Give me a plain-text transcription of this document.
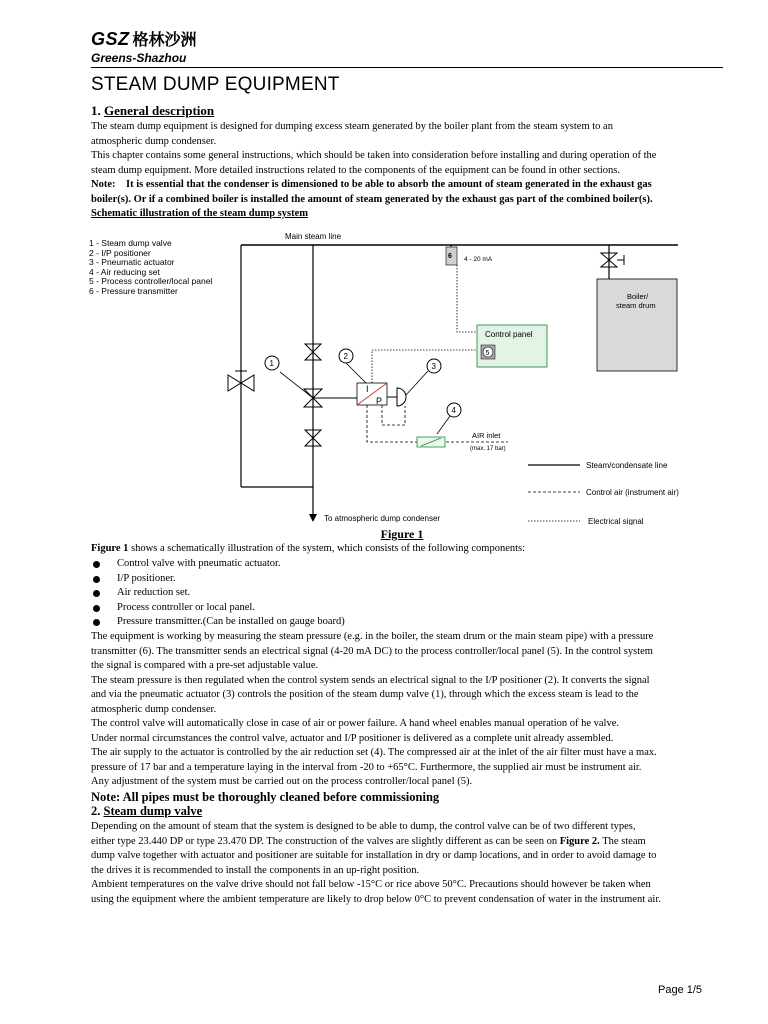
GSZ 格林沙洲
Greens-Shazhou
STEAM DUMP EQUIPMENT
1. General description
The steam dump equipment is designed for dumping excess steam generated by the boiler plant from the steam system to an
atmospheric dump condenser.
This chapter contains some general instructions, which should be taken into consideration before installing and during operation of the
steam dump equipment. More detailed instructions related to the components of the equipment can be found in other sections.
Note: It is essential that the condenser is dimensioned to be able to absorb the amount of steam generated in the exhaust gas
boiler(s). Or if a combined boiler is installed the amount of steam generated by the exhaust gas part of the combined boiler(s).
Schematic illustration of the steam dump system
1 - Steam dump valve
2 - I/P positioner
3 - Pneumatic actuator
4 - Air reducing set
5 - Process controller/local panel
6 - Pressure transmitter
Main steam line
1
2
3
4
I
P
AIR inlet
(max. 17 bar)
6 4 - 20 mA
Control panel
5
Boiler/
steam drum
To atmospheric dump condenser
Steam/condensate line
Control air (instrument air)
Electrical signal
Figure 1
Figure 1 shows a schematically illustration of the system, which consists of the following components:
Control valve with pneumatic actuator.
I/P positioner.
Air reduction set.
Process controller or local panel.
Pressure transmitter.(Can be installed on gauge board)
The equipment is working by measuring the steam pressure (e.g. in the boiler, the steam drum or the main steam pipe) with a pressure
transmitter (6). The transmitter sends an electrical signal (4-20 mA DC) to the process controller/local panel (5). In the control system
the signal is compared with a pre-set adjustable value.
The steam pressure is then regulated when the control system sends an electrical signal to the I/P positioner (2). It converts the signal
and via the pneumatic actuator (3) controls the position of the steam dump valve (1), through which the excess steam is lead to the
atmospheric dump condenser.
The control valve will automatically close in case of air or power failure. A hand wheel enables manual operation of he valve.
Under normal circumstances the control valve, actuator and I/P positioner is delivered as a complete unit already assembled.
The air supply to the actuator is controlled by the air reduction set (4). The compressed air at the inlet of the air filter must have a max.
pressure of 17 bar and a temperature laying in the interval from -20 to +65°C. Furthermore, the supplied air must be instrument air.
Any adjustment of the system must be carried out on the process controller/local panel (5).
Note: All pipes must be thoroughly cleaned before commissioning
2. Steam dump valve
Depending on the amount of steam that the system is designed to be able to dump, the control valve can be of two different types,
either type 23.440 DP or type 23.470 DP. The construction of the valves are slightly different as can be seen on Figure 2. The steam
dump valve together with actuator and positioner are suitable for installation in dry or damp locations, and in order to avoid damage to
the drives it is recommended to install the components in an up-right position.
Ambient temperatures on the valve drive should not fall below -15°C or rice above 50°C. Precautions should however be taken when
using the equipment where the ambient temperature are likely to drop below 0°C to prevent condensation of water in the instrument air.
Page 1/5
